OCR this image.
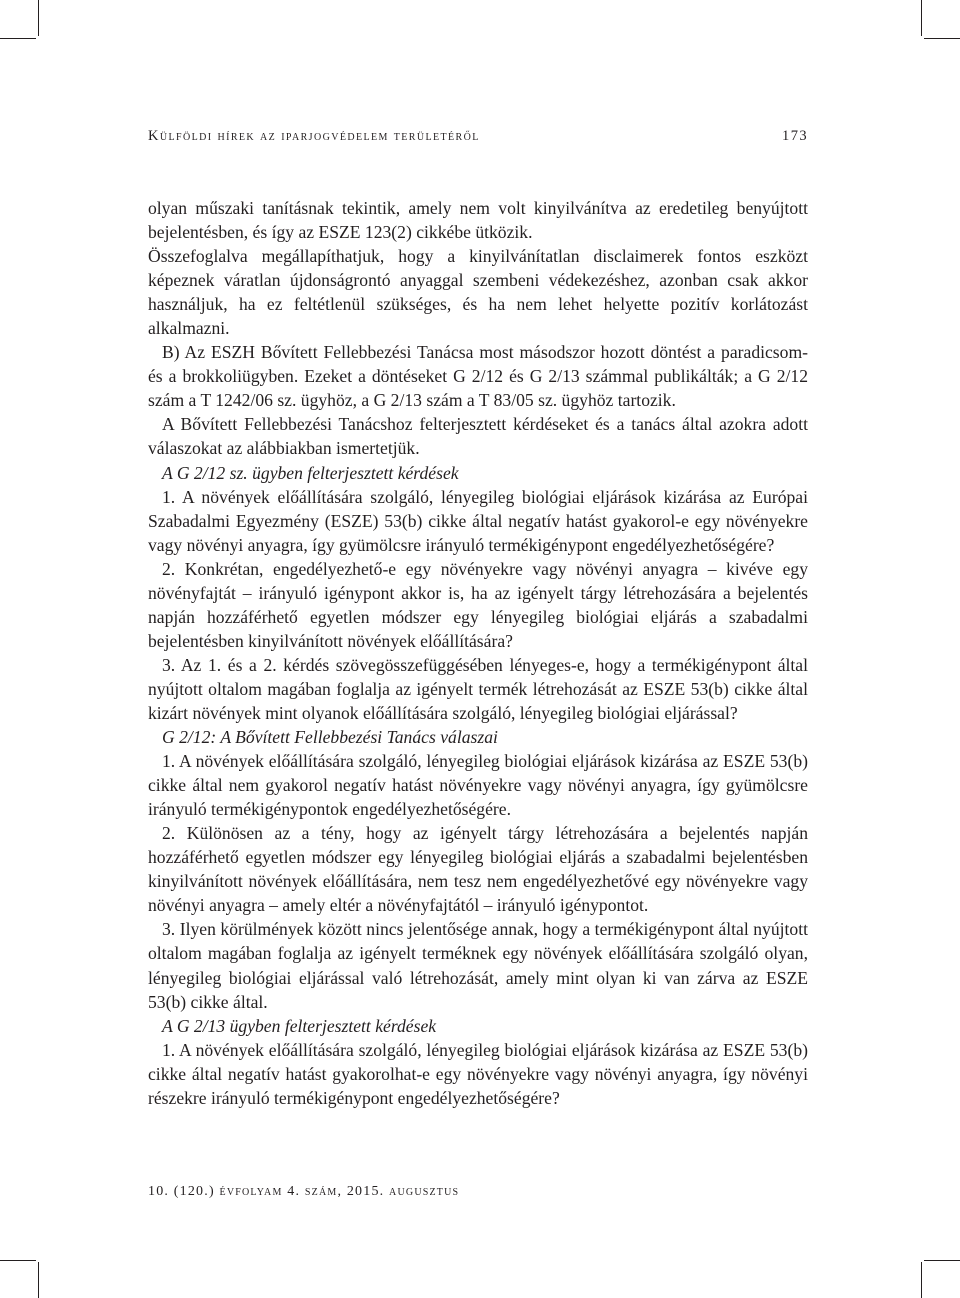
Külföldi hírek az iparjogvédelem területéről	173

olyan műszaki tanításnak tekintik, amely nem volt kinyilvánítva az eredetileg benyújtott bejelentésben, és így az ESZE 123(2) cikkébe ütközik.

Összefoglalva megállapíthatjuk, hogy a kinyilvánítatlan disclaimerek fontos eszközt képeznek váratlan újdonságrontó anyaggal szembeni védekezéshez, azonban csak akkor használjuk, ha ez feltétlenül szükséges, és ha nem lehet helyette pozitív korlátozást alkalmazni.

B) Az ESZH Bővített Fellebbezési Tanácsa most másodszor hozott döntést a paradicsom- és a brokkoliügyben. Ezeket a döntéseket G 2/12 és G 2/13 számmal publikálták; a G 2/12 szám a T 1242/06 sz. ügyhöz, a G 2/13 szám a T 83/05 sz. ügyhöz tartozik.

A Bővített Fellebbezési Tanácshoz felterjesztett kérdéseket és a tanács által azokra adott válaszokat az alábbiakban ismertetjük.

A G 2/12 sz. ügyben felterjesztett kérdések

1. A növények előállítására szolgáló, lényegileg biológiai eljárások kizárása az Európai Szabadalmi Egyezmény (ESZE) 53(b) cikke által negatív hatást gyakorol-e egy növényekre vagy növényi anyagra, így gyümölcsre irányuló termékigénypont engedélyezhetőségére?

2. Konkrétan, engedélyezhető-e egy növényekre vagy növényi anyagra – kivéve egy növényfajtát – irányuló igénypont akkor is, ha az igényelt tárgy létrehozására a bejelentés napján hozzáférhető egyetlen módszer egy lényegileg biológiai eljárás a szabadalmi bejelentésben kinyilvánított növények előállítására?

3. Az 1. és a 2. kérdés szövegösszefüggésében lényeges-e, hogy a termékigénypont által nyújtott oltalom magában foglalja az igényelt termék létrehozását az ESZE 53(b) cikke által kizárt növények mint olyanok előállítására szolgáló, lényegileg biológiai eljárással?

G 2/12: A Bővített Fellebbezési Tanács válaszai

1. A növények előállítására szolgáló, lényegileg biológiai eljárások kizárása az ESZE 53(b) cikke által nem gyakorol negatív hatást növényekre vagy növényi anyagra, így gyümölcsre irányuló termékigénypontok engedélyezhetőségére.

2. Különösen az a tény, hogy az igényelt tárgy létrehozására a bejelentés napján hozzáférhető egyetlen módszer egy lényegileg biológiai eljárás a szabadalmi bejelentésben kinyilvánított növények előállítására, nem tesz nem engedélyezhetővé egy növényekre vagy növényi anyagra – amely eltér a növényfajtától – irányuló igénypontot.

3. Ilyen körülmények között nincs jelentősége annak, hogy a termékigénypont által nyújtott oltalom magában foglalja az igényelt terméknek egy növények előállítására szolgáló olyan, lényegileg biológiai eljárással való létrehozását, amely mint olyan ki van zárva az ESZE 53(b) cikke által.

A G 2/13 ügyben felterjesztett kérdések

1. A növények előállítására szolgáló, lényegileg biológiai eljárások kizárása az ESZE 53(b) cikke által negatív hatást gyakorolhat-e egy növényekre vagy növényi anyagra, így növényi részekre irányuló termékigénypont engedélyezhetőségére?

10. (120.) évfolyam 4. szám, 2015. augusztus
